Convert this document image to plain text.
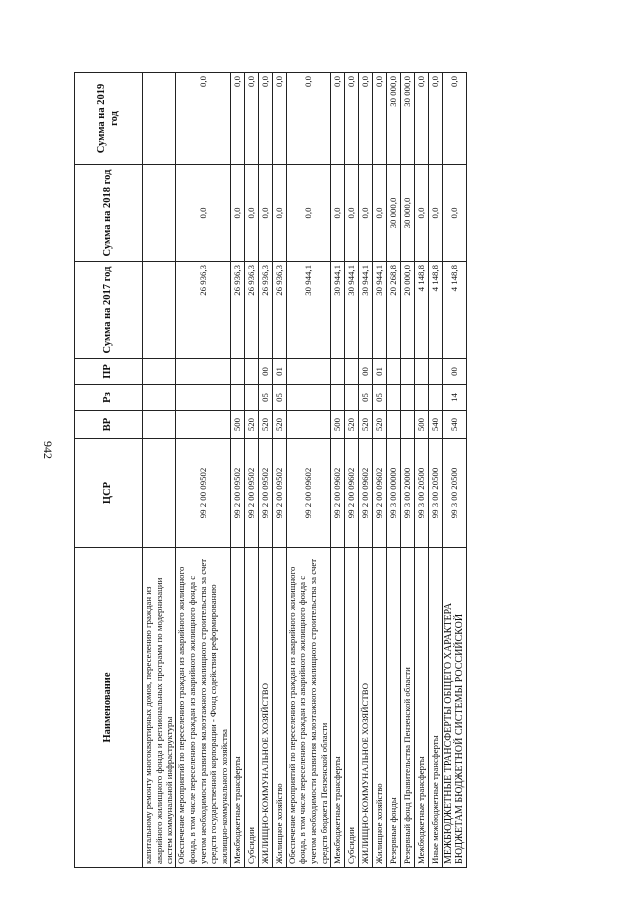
942
Наименование	ЦСР	ВР	Рз	ПР	Сумма на 2017 год	Сумма на 2018 год	Сумма на 2019 год
капитальному ремонту многоквартирных домов, переселению граждан из аварийного жилищного фонда и регииональных программ по модернизации систем коммунальной инфраструктуры							
Обеспечение мероприятий по переселению граждан из аварийного жилищного фонда, в том числе переселению граждан из аварийного жилищного фонда с учетом необходимости развития малоэтажного жилищного строительства за счет средств государственной корпорации - Фонд содействия реформированию жилищно-коммунального хозяйства	99 2 00 09502				26 936,3	0,0	0,0
Межбюджетные трансферты	99 2 00 09502	500			26 936,3	0,0	0,0
Субсидии	99 2 00 09502	520			26 936,3	0,0	0,0
ЖИЛИЩНО-КОММУНАЛЬНОЕ ХОЗЯЙСТВО	99 2 00 09502	520	05	00	26 936,3	0,0	0,0
Жилищное хозяйство	99 2 00 09502	520	05	01	26 936,3	0,0	0,0
Обеспечение мероприятий по переселению граждан из аварийного жилищного фонда, в том числе переселению граждан из аварийного жилищного фонда с учетом необходимости развития малоэтажного жилищного строительства за счет средств бюджета Пензенской области	99 2 00 09602				30 944,1	0,0	0,0
Межбюджетные трансферты	99 2 00 09602	500			30 944,1	0,0	0,0
Субсидии	99 2 00 09602	520			30 944,1	0,0	0,0
ЖИЛИЩНО-КОММУНАЛЬНОЕ ХОЗЯЙСТВО	99 2 00 09602	520	05	00	30 944,1	0,0	0,0
Жилищное хозяйство	99 2 00 09602	520	05	01	30 944,1	0,0	0,0
Резервные фонды	99 3 00 00000				20 268,8	30 000,0	30 000,0
Резервный фонд Правительства Пензенской области	99 3 00 20000				20 000,0	30 000,0	30 000,0
Межбюджетные трансферты	99 3 00 20500	500			4 148,8	0,0	0,0
Иные межбюджетные трансферты	99 3 00 20500	540			4 148,8	0,0	0,0
МЕЖБЮДЖЕТНЫЕ ТРАНСФЕРТЫ ОБЩЕГО ХАРАКТЕРА БЮДЖЕТАМ БЮДЖЕТНОЙ СИСТЕМЫ РОССИЙСКОЙ	99 3 00 20500	540	14	00	4 148,8	0,0	0,0
